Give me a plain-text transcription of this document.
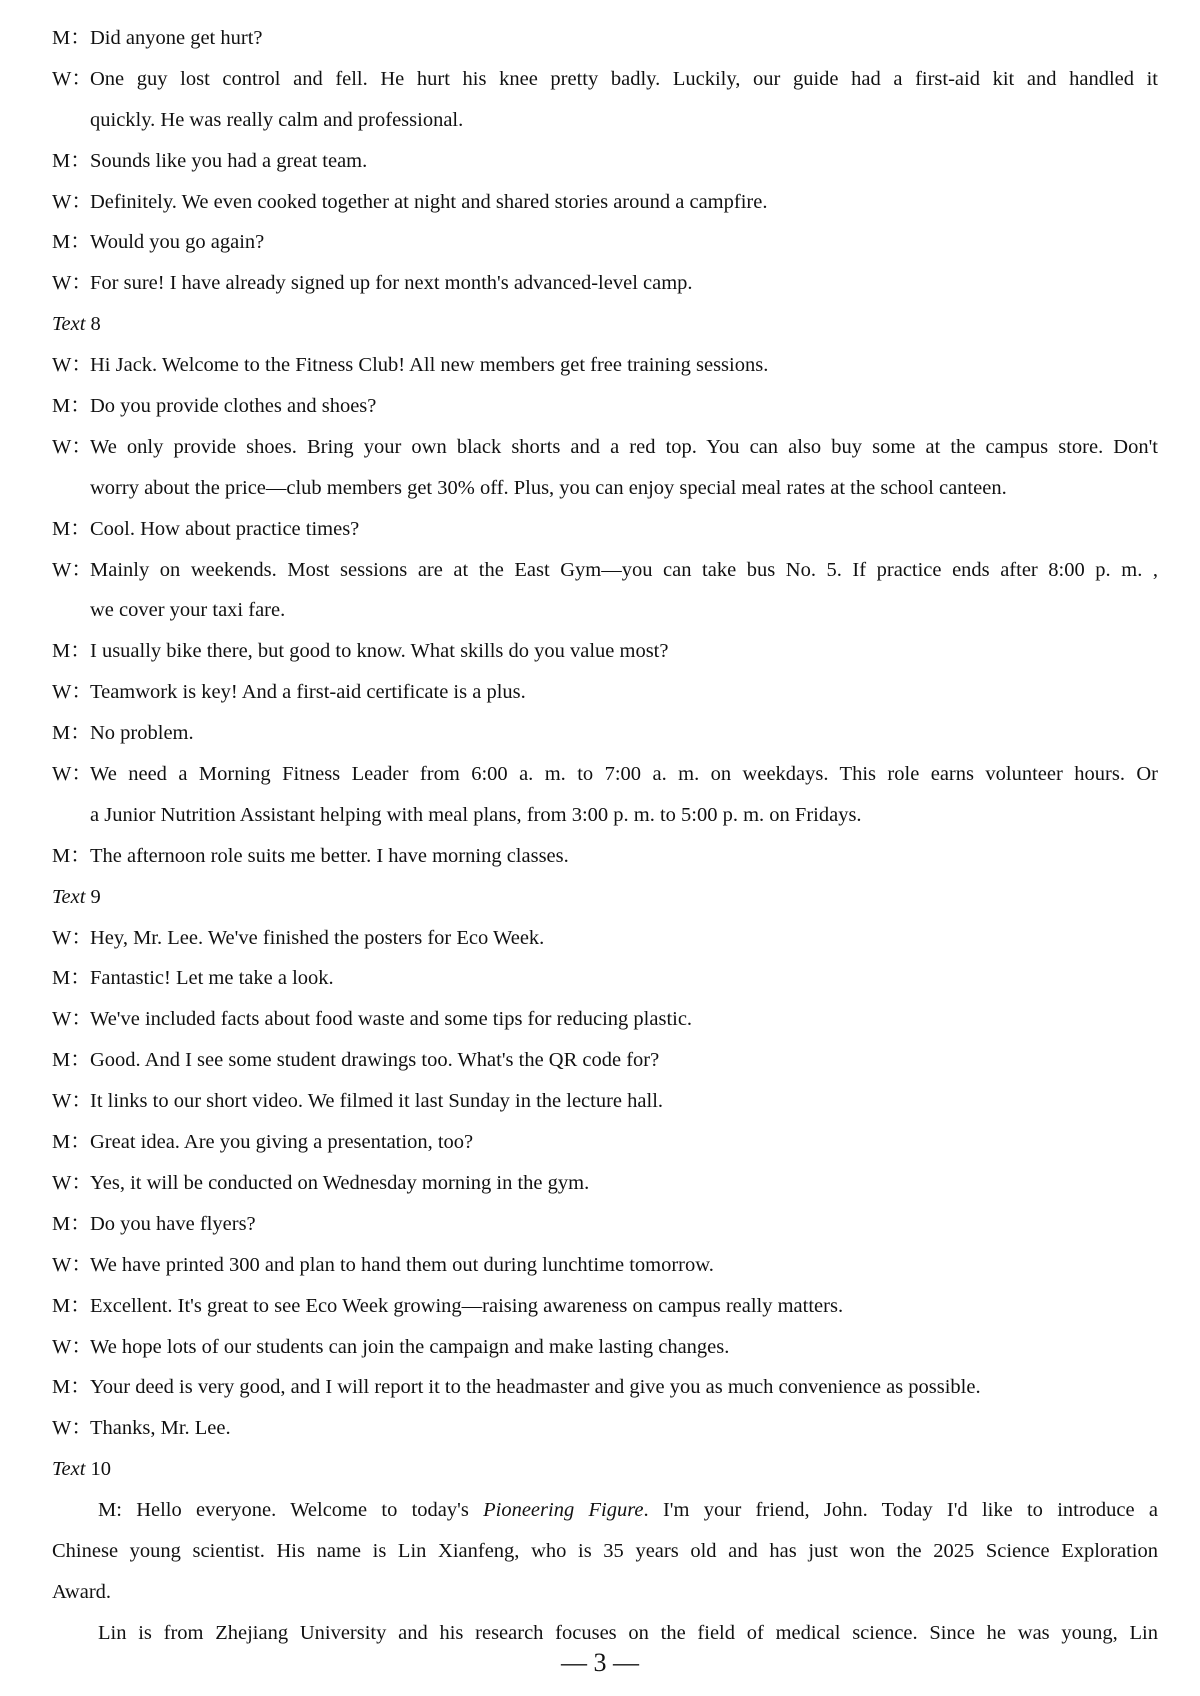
M：Did anyone get hurt?
W：One guy lost control and fell. He hurt his knee pretty badly. Luckily, our guide had a first-aid kit and handled it
quickly. He was really calm and professional.
M：Sounds like you had a great team.
W：Definitely. We even cooked together at night and shared stories around a campfire.
M：Would you go again?
W：For sure! I have already signed up for next month's advanced-level camp.
Text 8
W：Hi Jack. Welcome to the Fitness Club! All new members get free training sessions.
M：Do you provide clothes and shoes?
W：We only provide shoes. Bring your own black shorts and a red top. You can also buy some at the campus store. Don't
worry about the price—club members get 30% off. Plus, you can enjoy special meal rates at the school canteen.
M：Cool. How about practice times?
W：Mainly on weekends. Most sessions are at the East Gym—you can take bus No. 5. If practice ends after 8:00 p. m. ,
we cover your taxi fare.
M：I usually bike there, but good to know. What skills do you value most?
W：Teamwork is key! And a first-aid certificate is a plus.
M：No problem.
W：We need a Morning Fitness Leader from 6:00 a. m. to 7:00 a. m. on weekdays. This role earns volunteer hours. Or
a Junior Nutrition Assistant helping with meal plans, from 3:00 p. m. to 5:00 p. m. on Fridays.
M：The afternoon role suits me better. I have morning classes.
Text 9
W：Hey, Mr. Lee. We've finished the posters for Eco Week.
M：Fantastic! Let me take a look.
W：We've included facts about food waste and some tips for reducing plastic.
M：Good. And I see some student drawings too. What's the QR code for?
W：It links to our short video. We filmed it last Sunday in the lecture hall.
M：Great idea. Are you giving a presentation, too?
W：Yes, it will be conducted on Wednesday morning in the gym.
M：Do you have flyers?
W：We have printed 300 and plan to hand them out during lunchtime tomorrow.
M：Excellent. It's great to see Eco Week growing—raising awareness on campus really matters.
W：We hope lots of our students can join the campaign and make lasting changes.
M：Your deed is very good, and I will report it to the headmaster and give you as much convenience as possible.
W：Thanks, Mr. Lee.
Text 10
M: Hello everyone. Welcome to today's Pioneering Figure. I'm your friend, John. Today I'd like to introduce a
Chinese young scientist. His name is Lin Xianfeng, who is 35 years old and has just won the 2025 Science Exploration
Award.
Lin is from Zhejiang University and his research focuses on the field of medical science. Since he was young, Lin
— 3 —
